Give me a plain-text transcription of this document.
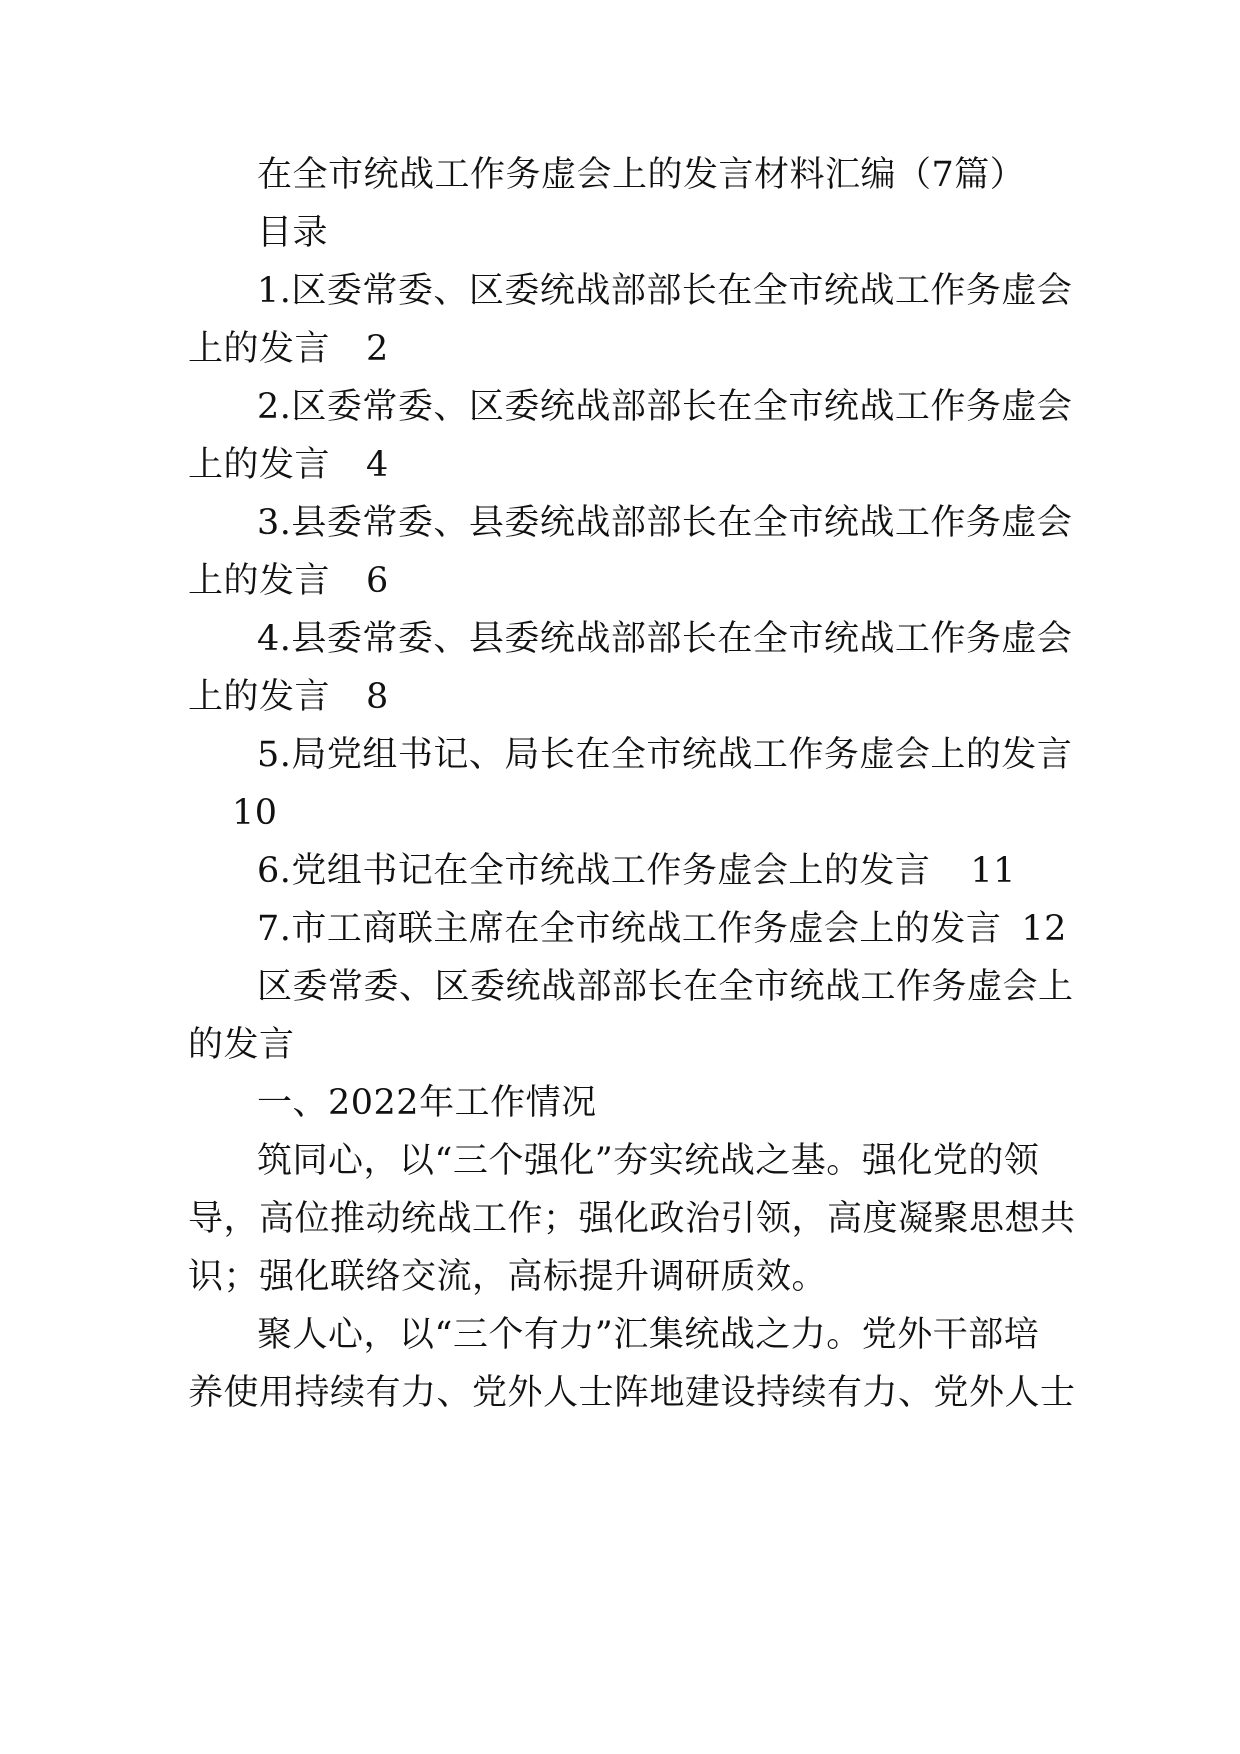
在全市统战工作务虚会上的发言材料汇编（7篇）
目录
1.区委常委、区委统战部部长在全市统战工作务虚会
上的发言 2
2.区委常委、区委统战部部长在全市统战工作务虚会
上的发言 4
3.县委常委、县委统战部部长在全市统战工作务虚会
上的发言 6
4.县委常委、县委统战部部长在全市统战工作务虚会
上的发言 8
5.局党组书记、局长在全市统战工作务虚会上的发言
10
6.党组书记在全市统战工作务虚会上的发言 11
7.市工商联主席在全市统战工作务虚会上的发言 12
区委常委、区委统战部部长在全市统战工作务虚会上
的发言
一、2022年工作情况
筑同心，以“三个强化”夯实统战之基。强化党的领
导，高位推动统战工作；强化政治引领，高度凝聚思想共
识；强化联络交流，高标提升调研质效。
聚人心，以“三个有力”汇集统战之力。党外干部培
养使用持续有力、党外人士阵地建设持续有力、党外人士
